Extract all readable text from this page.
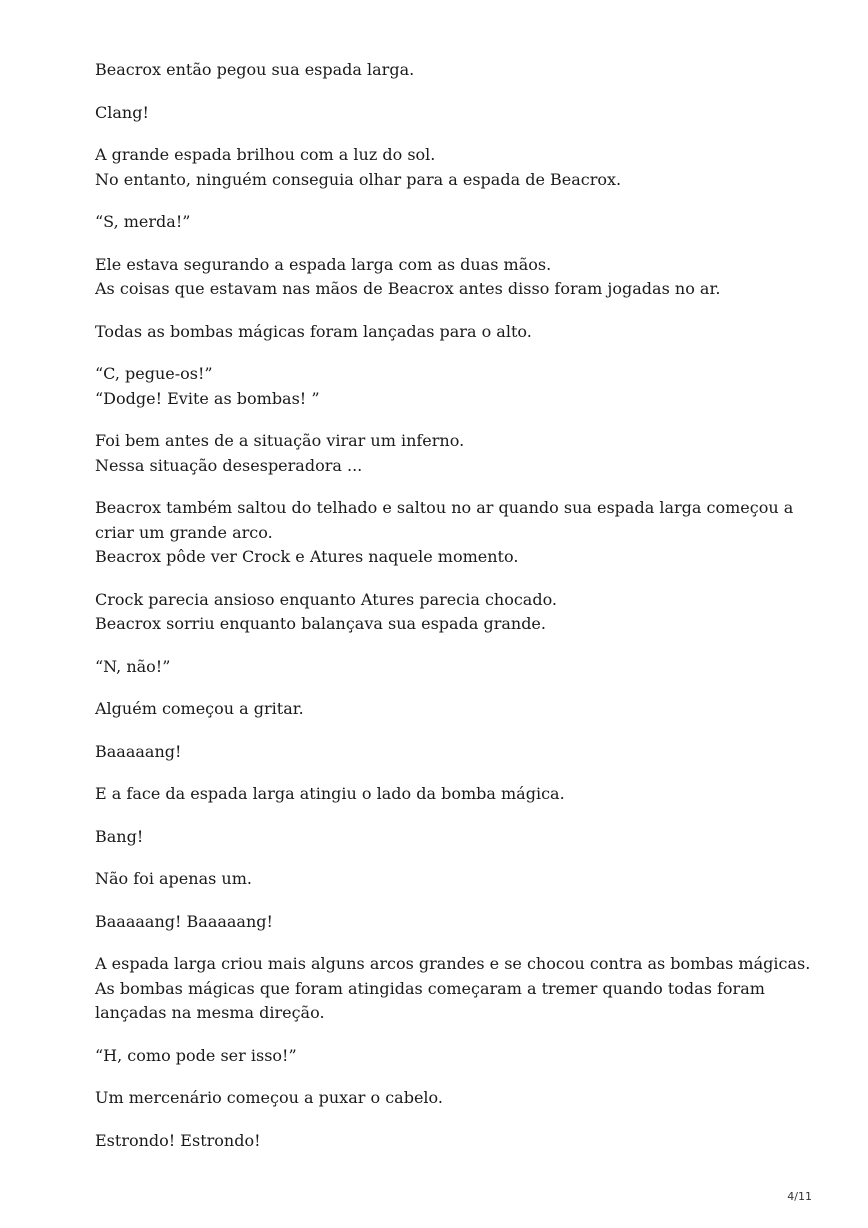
Beacrox então pegou sua espada larga.

Clang!

A grande espada brilhou com a luz do sol.
No entanto, ninguém conseguia olhar para a espada de Beacrox.

“S, merda!”

Ele estava segurando a espada larga com as duas mãos.
As coisas que estavam nas mãos de Beacrox antes disso foram jogadas no ar.

Todas as bombas mágicas foram lançadas para o alto.

“C, pegue-os!”
“Dodge! Evite as bombas! ”

Foi bem antes de a situação virar um inferno.
Nessa situação desesperadora ...

Beacrox também saltou do telhado e saltou no ar quando sua espada larga começou a
criar um grande arco.
Beacrox pôde ver Crock e Atures naquele momento.

Crock parecia ansioso enquanto Atures parecia chocado.
Beacrox sorriu enquanto balançava sua espada grande.

“N, não!”

Alguém começou a gritar.

Baaaaang!

E a face da espada larga atingiu o lado da bomba mágica.

Bang!

Não foi apenas um.

Baaaaang! Baaaaang!

A espada larga criou mais alguns arcos grandes e se chocou contra as bombas mágicas.
As bombas mágicas que foram atingidas começaram a tremer quando todas foram
lançadas na mesma direção.

“H, como pode ser isso!”

Um mercenário começou a puxar o cabelo.

Estrondo! Estrondo!

4/11
